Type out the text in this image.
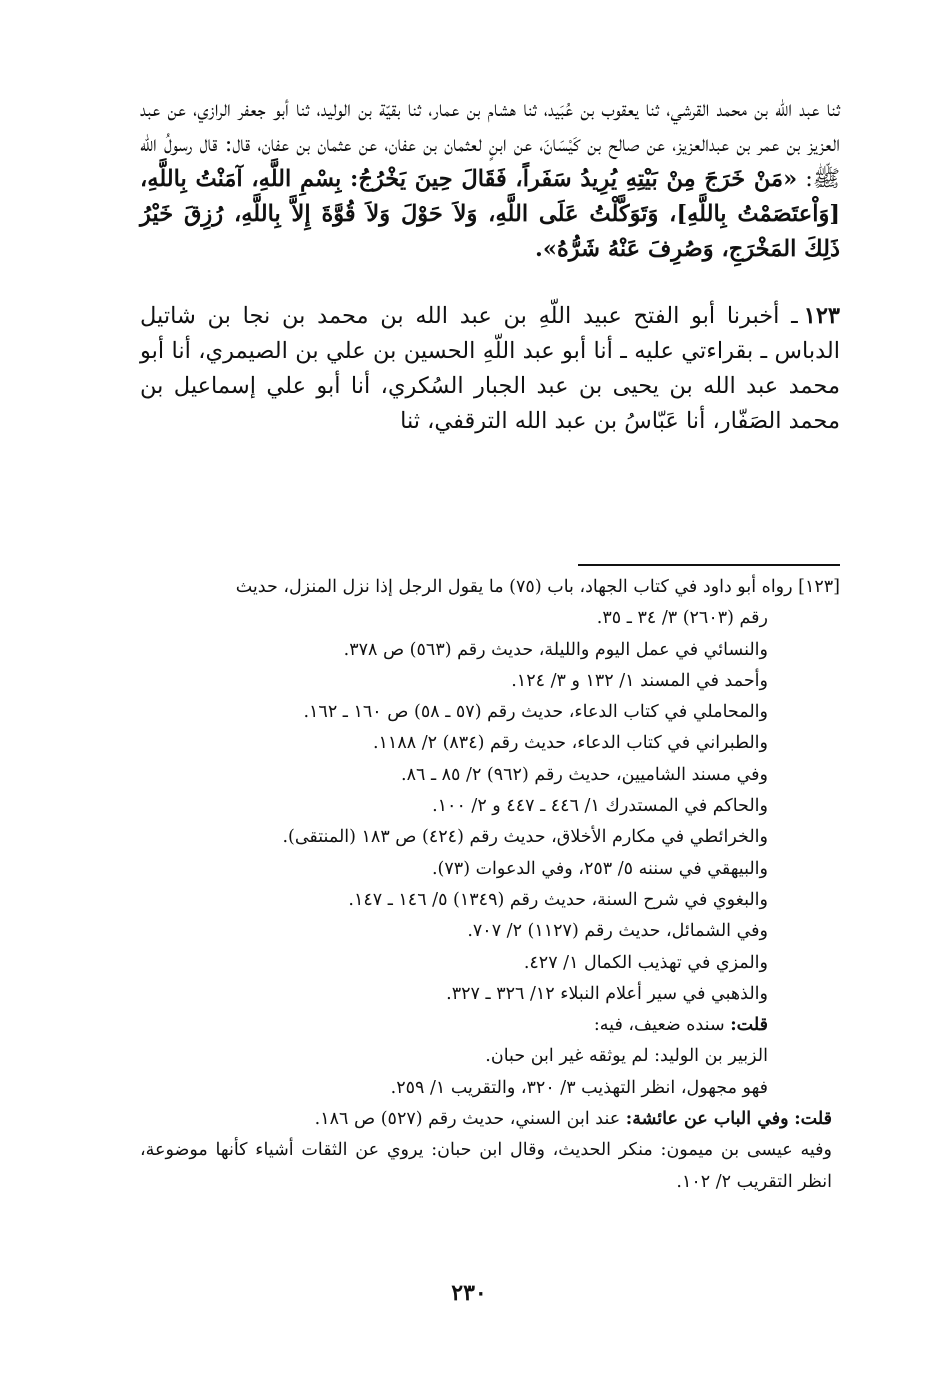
ثنا عبد الله بن محمد القرشي، ثنا يعقوب بن عُبَيد، ثنا هشام بن عمار، ثنا بقيّة بن الوليد، ثنا أبو جعفر الرازي، عن عبد العزيز بن عمر بن عبدالعزيز، عن صالح بن كَيْسَانَ، عن ابنٍ لعثمان بن عفان، عن عثمان بن عفان، قال: قال رسولُ الله ﷺ: «مَنْ خَرَجَ مِنْ بَيْتِهِ يُرِيدُ سَفَراً، فَقَالَ حِينَ يَخْرُجُ: بِسْمِ اللَّهِ، آمَنْتُ بِاللَّهِ، [وَاْعتَصَمْتُ بِاللَّهِ]، وَتَوَكَّلْتُ عَلَى اللَّهِ، وَلاَ حَوْلَ وَلاَ قُوَّةَ إِلاَّ بِاللَّهِ، رُزِقَ خَيْرُ ذَلِكَ المَخْرَجِ، وَصُرِفَ عَنْهُ شَرُّهُ».

١٢٣ـ أخبرنا أبو الفتح عبيد اللّهِ بن عبد الله بن محمد بن نجا بن شاتيل الدباس ـ بقراءتي عليه ـ أنا أبو عبد اللّهِ الحسين بن علي بن الصيمري، أنا أبو محمد عبد الله بن يحيى بن عبد الجبار السُكري، أنا أبو علي إسماعيل بن محمد الصَفّار، أنا عَبّاسُ بن عبد الله الترقفي، ثنا

[١٢٣] رواه أبو داود في كتاب الجهاد، باب (٧٥) ما يقول الرجل إذا نزل المنزل، حديث
رقم (٢٦٠٣) ٣/ ٣٤ ـ ٣٥.
والنسائي في عمل اليوم والليلة، حديث رقم (٥٦٣) ص ٣٧٨.
وأحمد في المسند ١/ ١٣٢ و ٣/ ١٢٤.
والمحاملي في كتاب الدعاء، حديث رقم (٥٧ ـ ٥٨) ص ١٦٠ ـ ١٦٢.
والطبراني في كتاب الدعاء، حديث رقم (٨٣٤) ٢/ ١١٨٨.
وفي مسند الشاميين، حديث رقم (٩٦٢) ٢/ ٨٥ ـ ٨٦.
والحاكم في المستدرك ١/ ٤٤٦ ـ ٤٤٧ و ٢/ ١٠٠.
والخرائطي في مكارم الأخلاق، حديث رقم (٤٢٤) ص ١٨٣ (المنتقى).
والبيهقي في سننه ٥/ ٢٥٣، وفي الدعوات (٧٣).
والبغوي في شرح السنة، حديث رقم (١٣٤٩) ٥/ ١٤٦ ـ ١٤٧.
وفي الشمائل، حديث رقم (١١٢٧) ٢/ ٧٠٧.
والمزي في تهذيب الكمال ١/ ٤٢٧.
والذهبي في سير أعلام النبلاء ١٢/ ٣٢٦ ـ ٣٢٧.
قلت: سنده ضعيف، فيه:
الزبير بن الوليد: لم يوثقه غير ابن حبان.
فهو مجهول، انظر التهذيب ٣/ ٣٢٠، والتقريب ١/ ٢٥٩.
قلت: وفي الباب عن عائشة: عند ابن السني، حديث رقم (٥٢٧) ص ١٨٦.
وفيه عيسى بن ميمون: منكر الحديث، وقال ابن حبان: يروي عن الثقات أشياء كأنها موضوعة، انظر التقريب ٢/ ١٠٢.
٢٣٠
